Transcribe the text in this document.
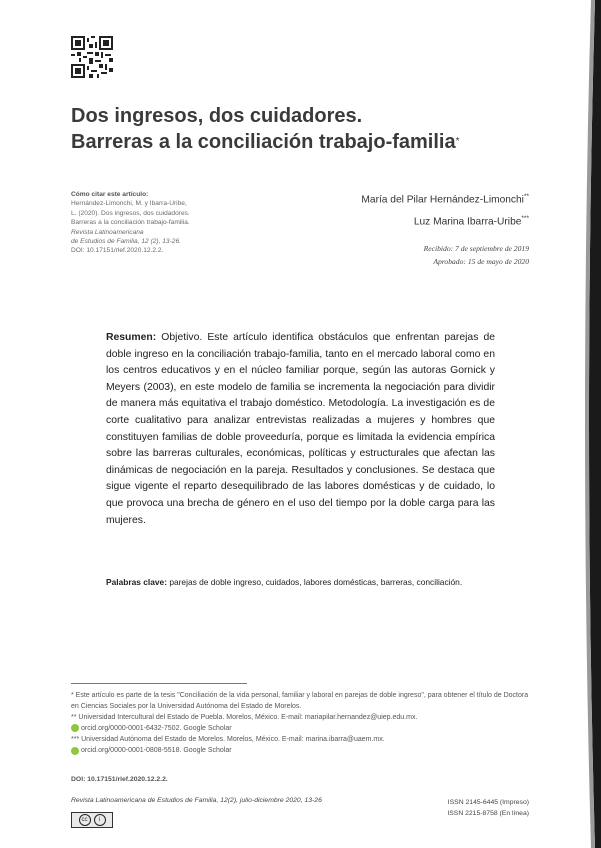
Dos ingresos, dos cuidadores.
Barreras a la conciliación trabajo-familia*
Cómo citar este artículo:
Hernández-Limonchi, M. y Ibarra-Uribe,
L. (2020). Dos ingresos, dos cuidadores.
Barreras a la conciliación trabajo-familia.
Revista Latinoamericana
de Estudios de Familia, 12 (2), 13-26.
DOI: 10.17151/rlef.2020.12.2.2.
María del Pilar Hernández-Limonchi**
Luz Marina Ibarra-Uribe***
Recibido: 7 de septiembre de 2019
Aprobado: 15 de mayo de 2020
Resumen: Objetivo. Este artículo identifica obstáculos que enfrentan parejas de doble ingreso en la conciliación trabajo-familia, tanto en el mercado laboral como en los centros educativos y en el núcleo familiar porque, según las autoras Gornick y Meyers (2003), en este modelo de familia se incrementa la negociación para dividir de manera más equitativa el trabajo doméstico. Metodología. La investigación es de corte cualitativo para analizar entrevistas realizadas a mujeres y hombres que constituyen familias de doble proveeduría, porque es limitada la evidencia empírica sobre las barreras culturales, económicas, políticas y estructurales que afectan las dinámicas de negociación en la pareja. Resultados y conclusiones. Se destaca que sigue vigente el reparto desequilibrado de las labores domésticas y de cuidado, lo que provoca una brecha de género en el uso del tiempo por la doble carga para las mujeres.
Palabras clave: parejas de doble ingreso, cuidados, labores domésticas, barreras, conciliación.
* Este artículo es parte de la tesis "Conciliación de la vida personal, familiar y laboral en parejas de doble ingreso", para obtener el título de Doctora en Ciencias Sociales por la Universidad Autónoma del Estado de Morelos.
** Universidad Intercultural del Estado de Puebla. Morelos, México. E-mail: mariapilar.hernandez@uiep.edu.mx.
orcid.org/0000-0001-6432-7502. Google Scholar
*** Universidad Autónoma del Estado de Morelos. Morelos, México. E-mail: marina.ibarra@uaem.mx.
orcid.org/0000-0001-0808-5518. Google Scholar
DOI: 10.17151/rlef.2020.12.2.2.
Revista Latinoamericana de Estudios de Familia, 12(2), julio-diciembre 2020, 13-26	ISSN 2145-6445 (Impreso)
ISSN 2215-8758 (En línea)
cc	i
